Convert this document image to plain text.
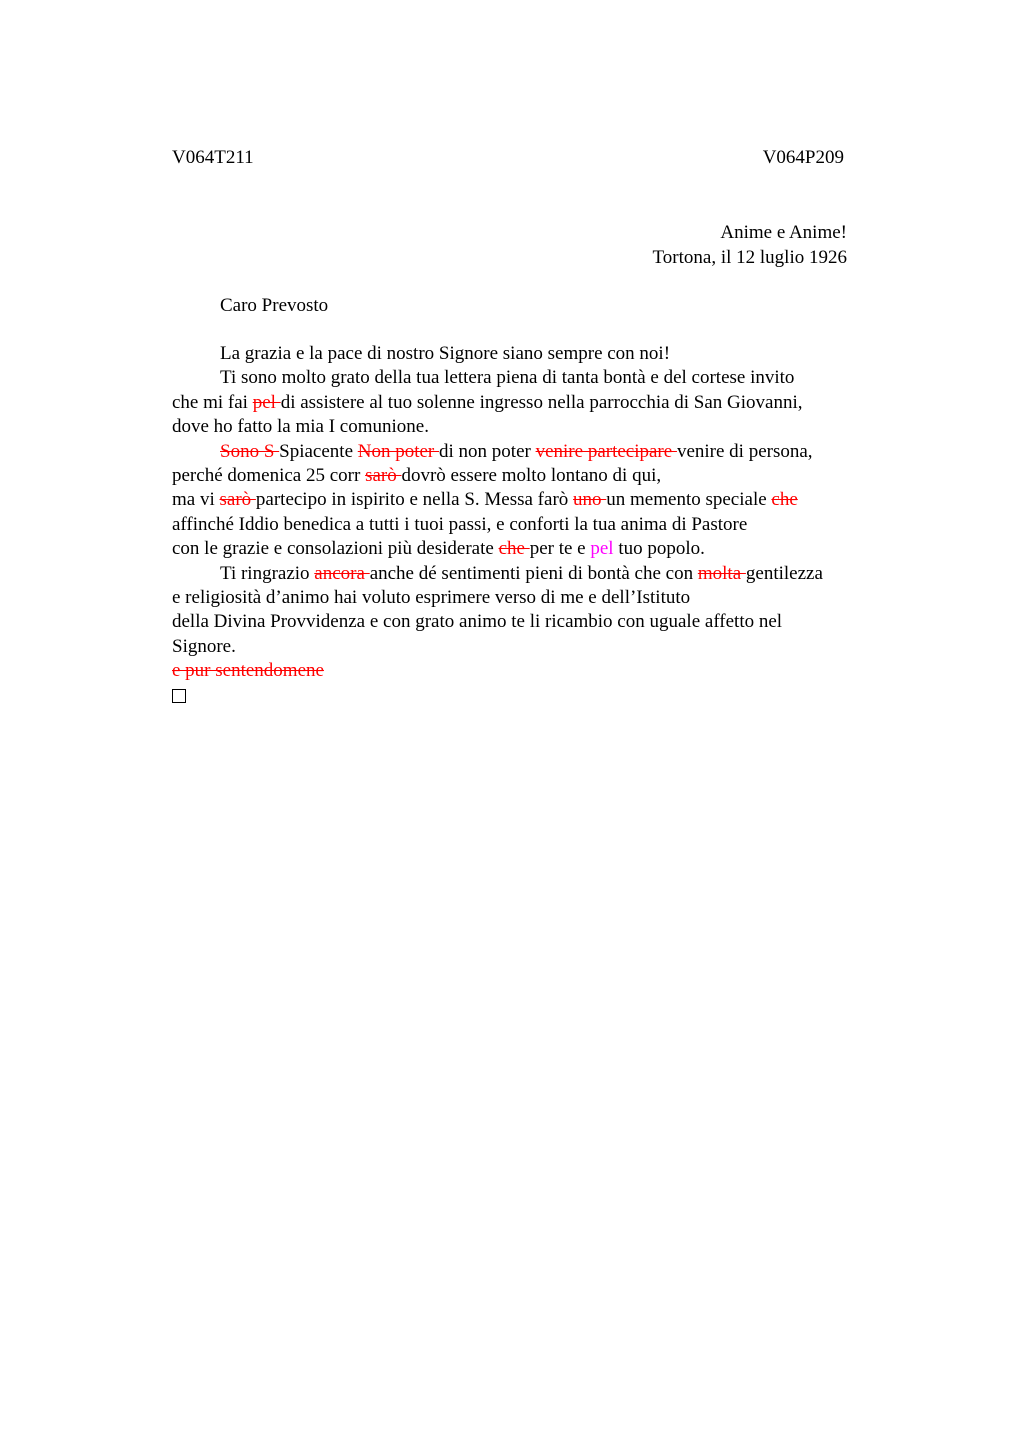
V064T211	V064P209
Anime e Anime!
Tortona, il 12 luglio 1926
Caro Prevosto
La grazia e la pace di nostro Signore siano sempre con noi!
Ti sono molto grato della tua lettera piena di tanta bontà e del cortese invito
che mi fai pel di assistere al tuo solenne ingresso nella parrocchia di San Giovanni,
dove ho fatto la mia I comunione.
Sono S Spiacente Non poter di non poter venire partecipare venire di persona,
perché domenica 25 corr sarò dovrò essere molto lontano di qui,
ma vi sarò partecipo in ispirito e nella S. Messa farò uno un memento speciale che
affinché Iddio benedica a tutti i tuoi passi, e conforti la tua anima di Pastore
con le grazie e consolazioni più desiderate che per te e pel tuo popolo.
Ti ringrazio ancora anche dé sentimenti pieni di bontà che con molta gentilezza
e religiosità d’animo hai voluto esprimere verso di me e dell’Istituto
della Divina Provvidenza e con grato animo te li ricambio con uguale affetto nel
Signore.
e pur sentendomene
